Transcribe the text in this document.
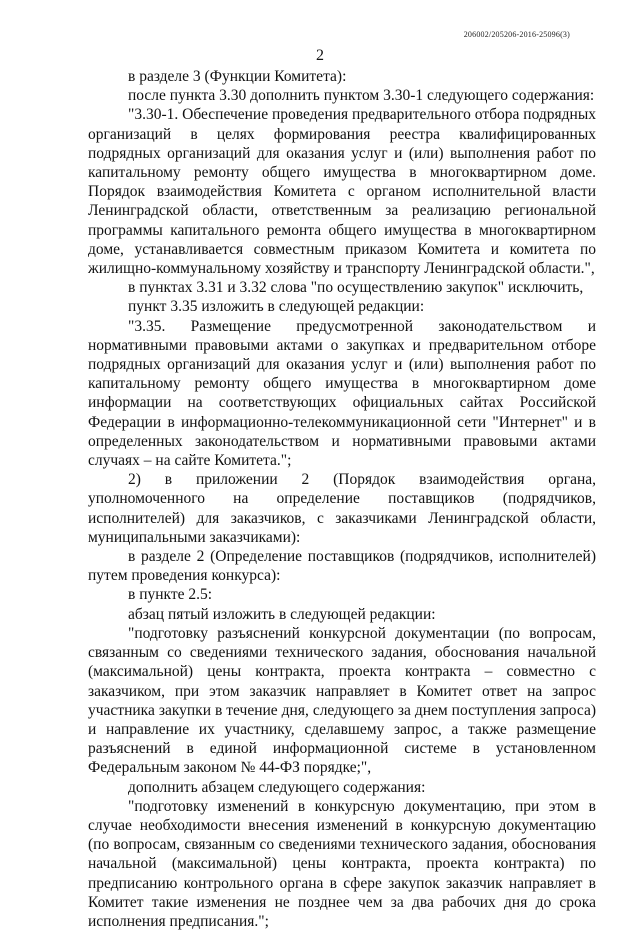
206002/205206-2016-25096(3)
2

в разделе 3 (Функции Комитета):

после пункта 3.30 дополнить пунктом 3.30-1 следующего содержания:

"3.30-1. Обеспечение проведения предварительного отбора подрядных организаций в целях формирования реестра квалифицированных подрядных организаций для оказания услуг и (или) выполнения работ по капитальному ремонту общего имущества в многоквартирном доме. Порядок взаимодействия Комитета с органом исполнительной власти Ленинградской области, ответственным за реализацию региональной программы капитального ремонта общего имущества в многоквартирном доме, устанавливается совместным приказом Комитета и комитета по жилищно-коммунальному хозяйству и транспорту Ленинградской области.",

в пунктах 3.31 и 3.32 слова "по осуществлению закупок" исключить,

пункт 3.35 изложить в следующей редакции:

"3.35. Размещение предусмотренной законодательством и нормативными правовыми актами о закупках и предварительном отборе подрядных организаций для оказания услуг и (или) выполнения работ по капитальному ремонту общего имущества в многоквартирном доме информации на соответствующих официальных сайтах Российской Федерации в информационно-телекоммуникационной сети "Интернет" и в определенных законодательством и нормативными правовыми актами случаях – на сайте Комитета.";

2) в приложении 2 (Порядок взаимодействия органа, уполномоченного на определение поставщиков (подрядчиков, исполнителей) для заказчиков, с заказчиками Ленинградской области, муниципальными заказчиками):

в разделе 2 (Определение поставщиков (подрядчиков, исполнителей) путем проведения конкурса):

в пункте 2.5:

абзац пятый изложить в следующей редакции:

"подготовку разъяснений конкурсной документации (по вопросам, связанным со сведениями технического задания, обоснования начальной (максимальной) цены контракта, проекта контракта – совместно с заказчиком, при этом заказчик направляет в Комитет ответ на запрос участника закупки в течение дня, следующего за днем поступления запроса) и направление их участнику, сделавшему запрос, а также размещение разъяснений в единой информационной системе в установленном Федеральным законом № 44-ФЗ порядке;",

дополнить абзацем следующего содержания:

"подготовку изменений в конкурсную документацию, при этом в случае необходимости внесения изменений в конкурсную документацию (по вопросам, связанным со сведениями технического задания, обоснования начальной (максимальной) цены контракта, проекта контракта) по предписанию контрольного органа в сфере закупок заказчик направляет в Комитет такие изменения не позднее чем за два рабочих дня до срока исполнения предписания.";
